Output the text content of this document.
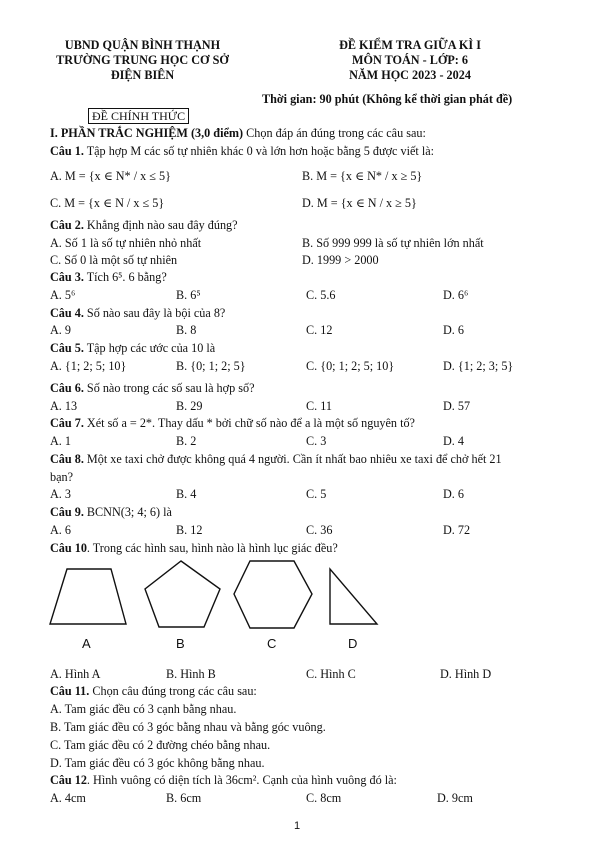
UBND QUẬN BÌNH THẠNH
TRƯỜNG TRUNG HỌC CƠ SỞ
ĐIỆN BIÊN
ĐỀ KIỂM TRA GIỮA KÌ I
MÔN TOÁN - LỚP: 6
NĂM HỌC 2023 - 2024
Thời gian: 90 phút (Không kể thời gian phát đề)
ĐỀ CHÍNH THỨC
I. PHẦN TRẮC NGHIỆM (3,0 điểm) Chọn đáp án đúng trong các câu sau:
Câu 1. Tập hợp M các số tự nhiên khác 0 và lớn hơn hoặc bằng 5 được viết là:
A. M = {x ∈ N* / x ≤ 5}	B. M = {x ∈ N* / x ≥ 5}
C. M = {x ∈ N / x ≤ 5}	D. M = {x ∈ N / x ≥ 5}
Câu 2. Khẳng định nào sau đây đúng?
A. Số 1 là số tự nhiên nhỏ nhất	B. Số 999 999 là số tự nhiên lớn nhất
C. Số 0 là một số tự nhiên	D. 1999 > 2000
Câu 3. Tích 6⁵. 6 bằng?
A. 5⁶	B. 6⁵	C. 5.6	D. 6⁶
Câu 4. Số nào sau đây là bội của 8?
A. 9	B. 8	C. 12	D. 6
Câu 5. Tập hợp các ước của 10 là
A. {1; 2; 5; 10}	B. {0; 1; 2; 5}	C. {0; 1; 2; 5; 10}	D. {1; 2; 3; 5}
Câu 6. Số nào trong các số sau là hợp số?
A. 13	B. 29	C. 11	D. 57
Câu 7. Xét số a = 2*. Thay dấu * bởi chữ số nào để a là một số nguyên tố?
A. 1	B. 2	C. 3	D. 4
Câu 8. Một xe taxi chở được không quá 4 người. Cần ít nhất bao nhiêu xe taxi để chở hết 21
bạn?
A. 3	B. 4	C. 5	D. 6
Câu 9. BCNN(3; 4; 6) là
A. 6	B. 12	C. 36	D. 72
Câu 10. Trong các hình sau, hình nào là hình lục giác đều?
A	B	C	D
A. Hình A	B. Hình B	C. Hình C	D. Hình D
Câu 11. Chọn câu đúng trong các câu sau:
A. Tam giác đều có 3 cạnh bằng nhau.
B. Tam giác đều có 3 góc bằng nhau và bằng góc vuông.
C. Tam giác đều có 2 đường chéo bằng nhau.
D. Tam giác đều có 3 góc không bằng nhau.
Câu 12. Hình vuông có diện tích là 36cm². Cạnh của hình vuông đó là:
A. 4cm	B. 6cm	C. 8cm	D. 9cm
1
